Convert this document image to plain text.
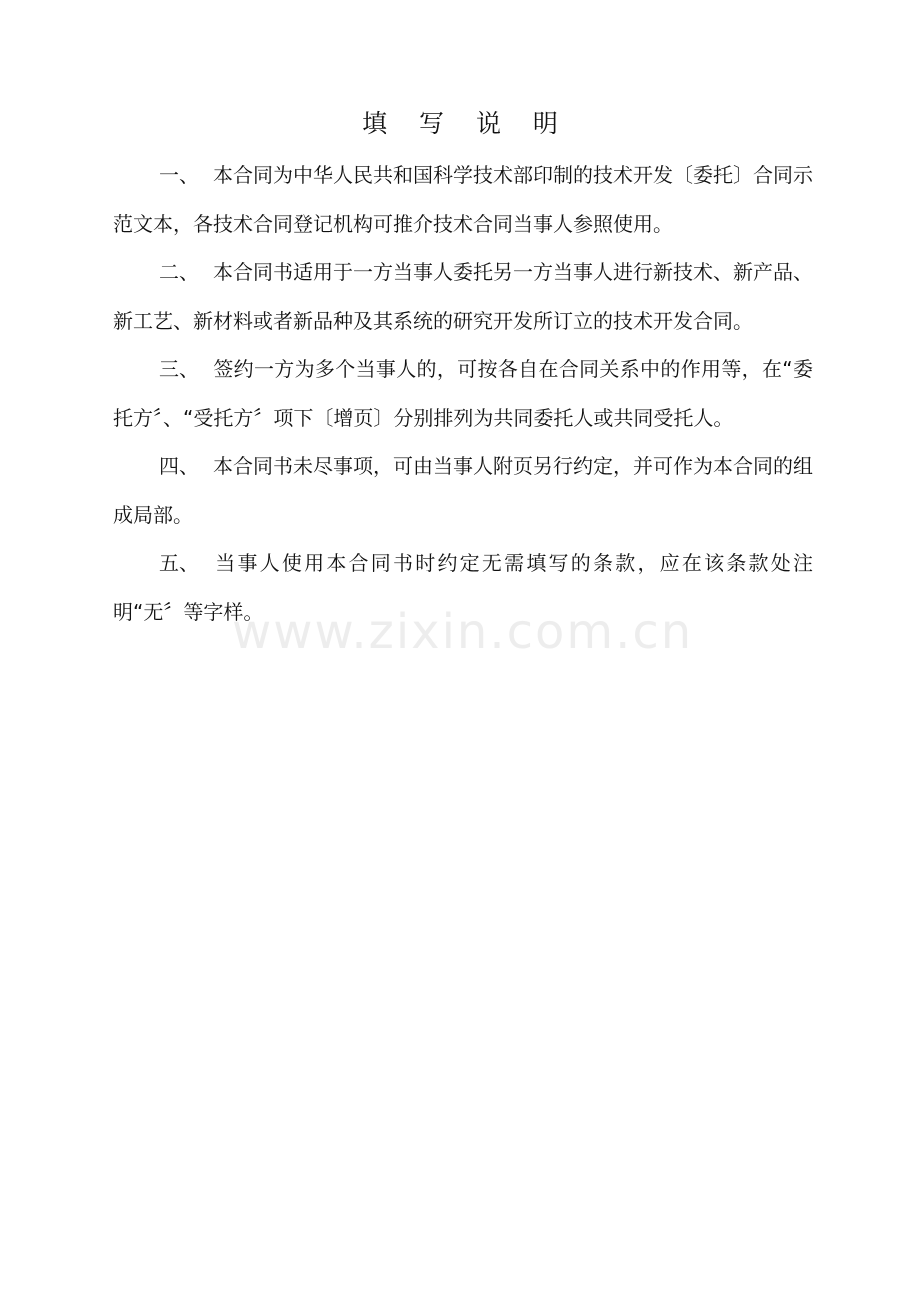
填 写 说 明

一、 本合同为中华人民共和国科学技术部印制的技术开发〔委托〕合同示范文本，各技术合同登记机构可推介技术合同当事人参照使用。

二、 本合同书适用于一方当事人委托另一方当事人进行新技术、新产品、新工艺、新材料或者新品种及其系统的研究开发所订立的技术开发合同。

三、 签约一方为多个当事人的，可按各自在合同关系中的作用等，在“委托方〞、“受托方〞项下〔增页〕分别排列为共同委托人或共同受托人。

四、 本合同书未尽事项，可由当事人附页另行约定，并可作为本合同的组成局部。

五、 当事人使用本合同书时约定无需填写的条款，应在该条款处注明“无〞等字样。

www.zixin.com.cn
